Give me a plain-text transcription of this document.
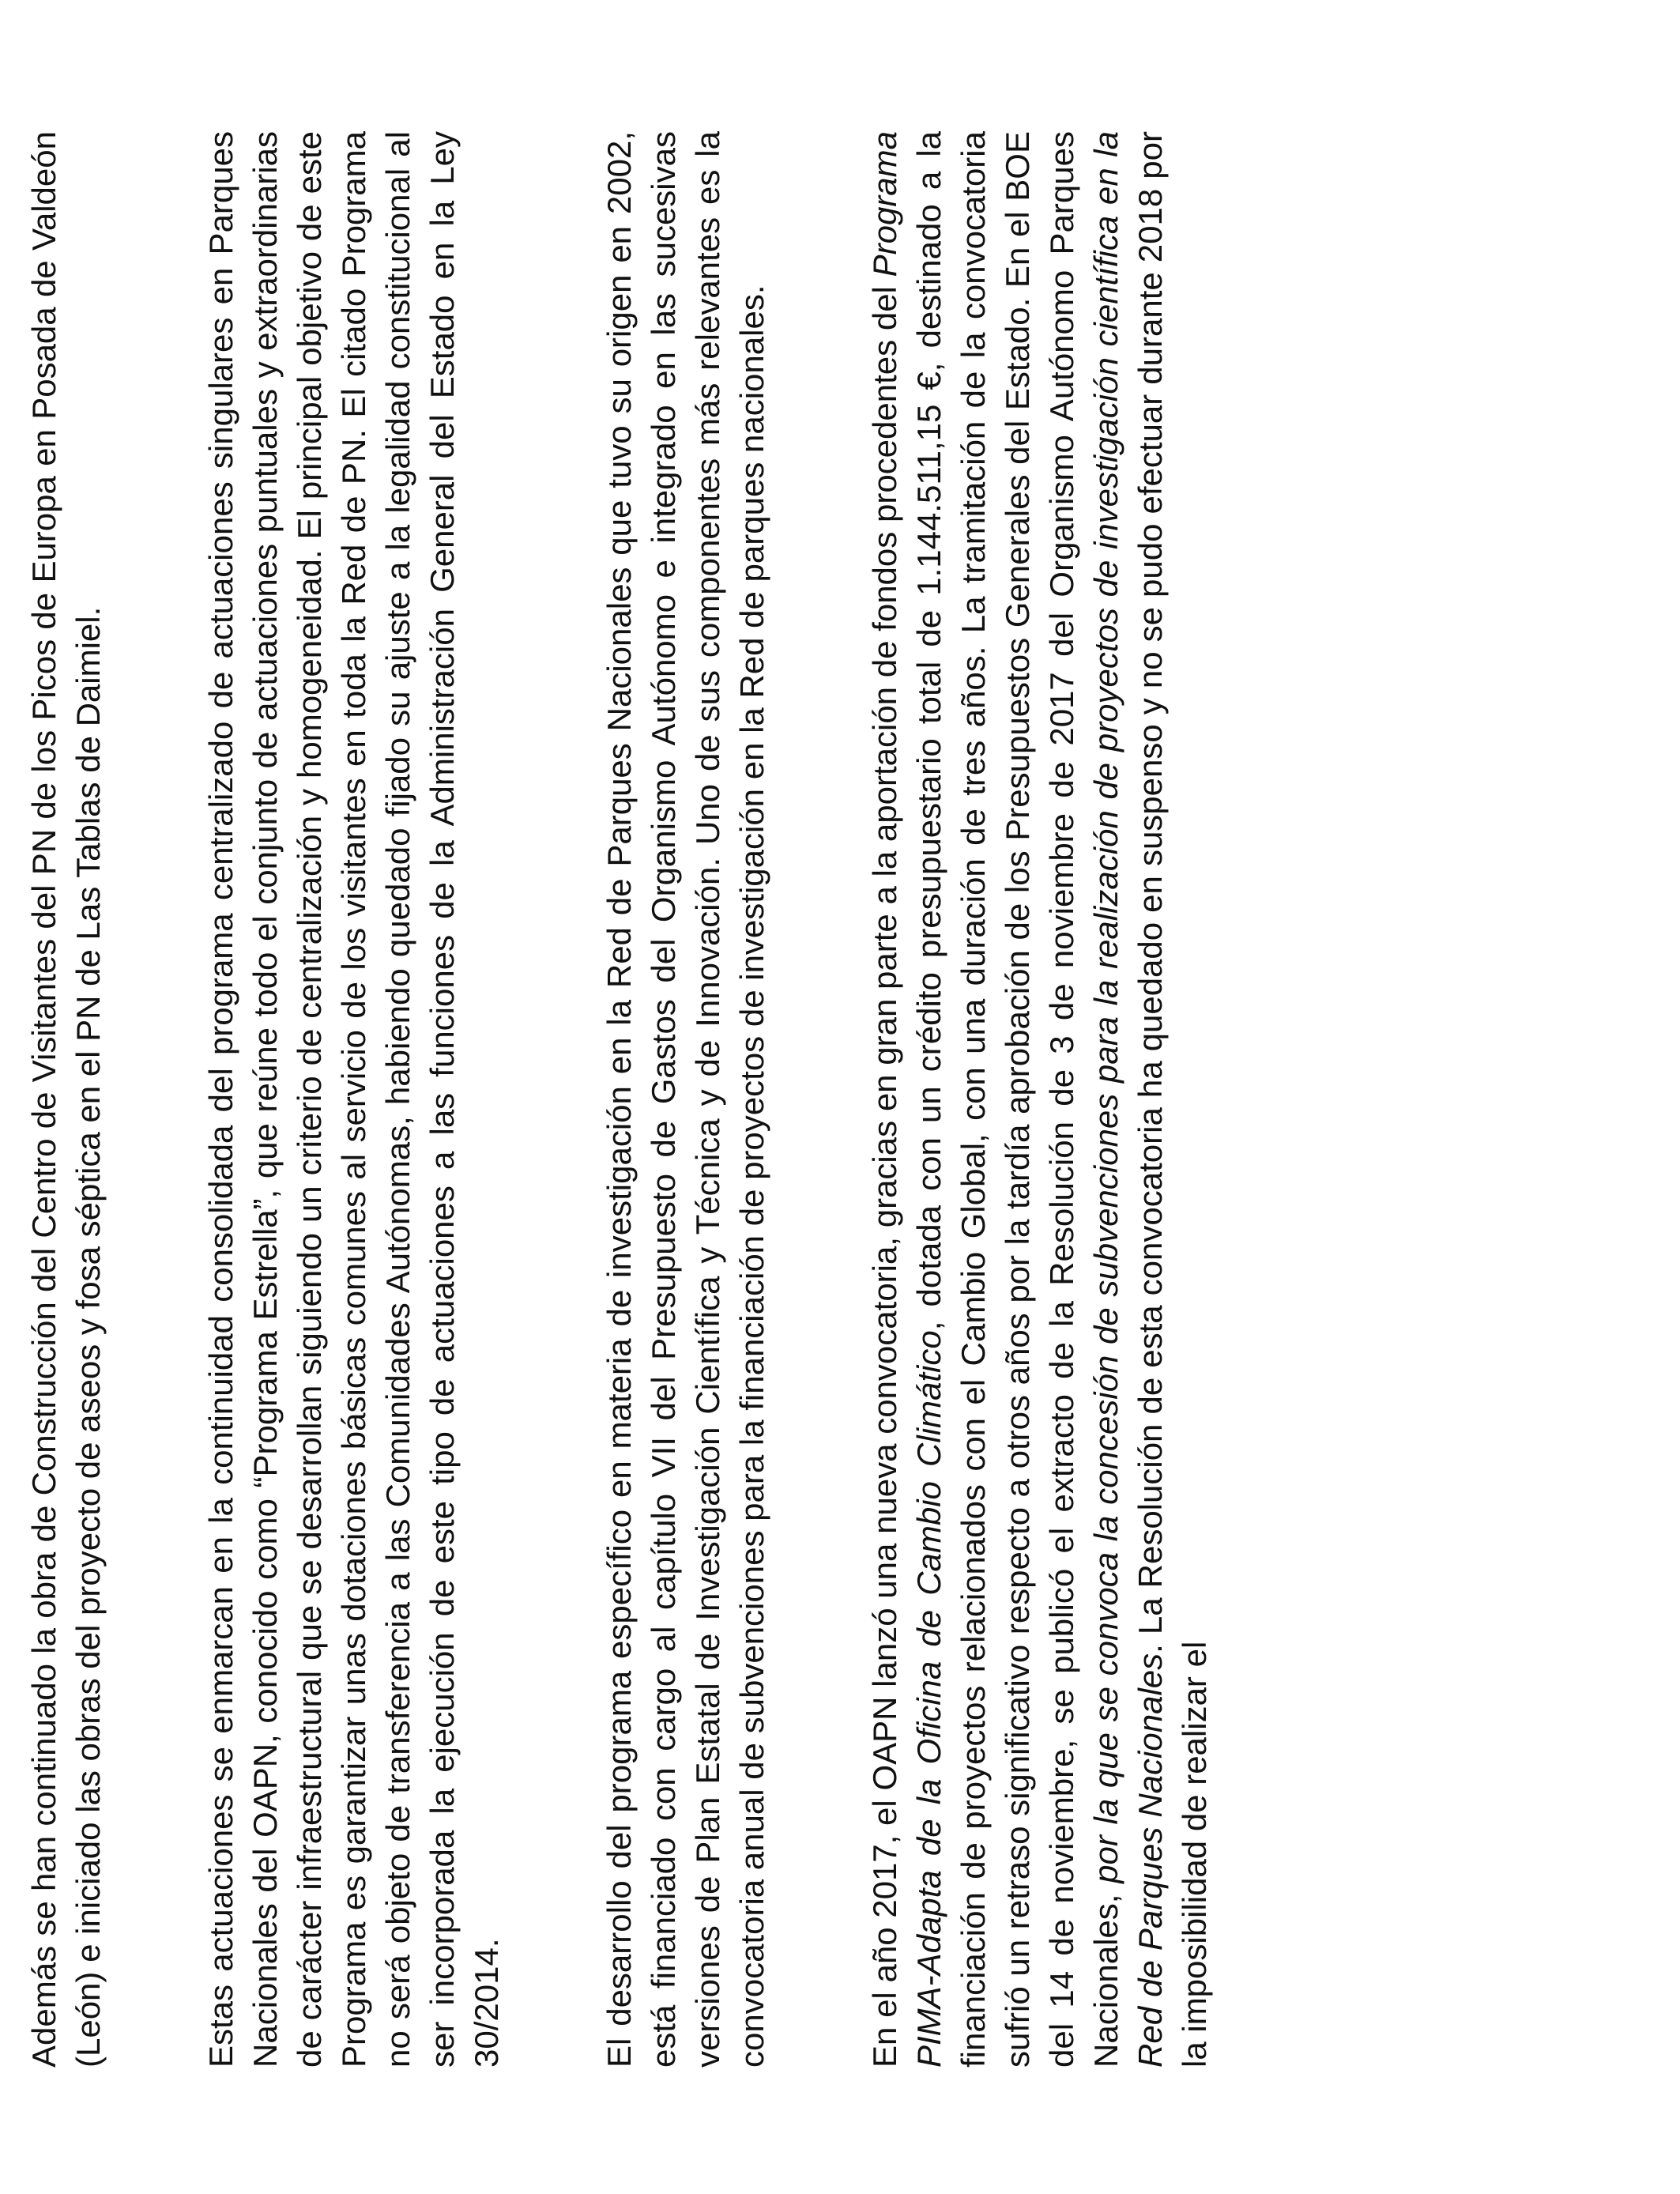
Además se han continuado la obra de Construcción del Centro de Visitantes del PN de los Picos de Europa en Posada de Valdeón (León) e iniciado las obras del proyecto de aseos y fosa séptica en el PN de Las Tablas de Daimiel.	Estas actuaciones se enmarcan en la continuidad consolidada del programa centralizado de actuaciones singulares en Parques Nacionales del OAPN, conocido como “Programa Estrella”, que reúne todo el conjunto de actuaciones puntuales y extraordinarias de carácter infraestructural que se desarrollan siguiendo un criterio de centralización y homogeneidad. El principal objetivo de este Programa es garantizar unas dotaciones básicas comunes al servicio de los visitantes en toda la Red de PN. El citado Programa no será objeto de transferencia a las Comunidades Autónomas, habiendo quedado fijado su ajuste a la legalidad constitucional al ser incorporada la ejecución de este tipo de actuaciones a las funciones de la Administración General del Estado en la Ley 30/2014.	El desarrollo del programa específico en materia de investigación en la Red de Parques Nacionales que tuvo su origen en 2002, está financiado con cargo al capítulo VII del Presupuesto de Gastos del Organismo Autónomo e integrado en las sucesivas versiones de Plan Estatal de Investigación Científica y Técnica y de Innovación. Uno de sus componentes más relevantes es la convocatoria anual de subvenciones para la financiación de proyectos de investigación en la Red de parques nacionales.	En el año 2017, el OAPN lanzó una nueva convocatoria, gracias en gran parte a la aportación de fondos procedentes del Programa PIMA-Adapta de la Oficina de Cambio Climático, dotada con un crédito presupuestario total de 1.144.511,15 €, destinado a la financiación de proyectos relacionados con el Cambio Global, con una duración de tres años. La tramitación de la convocatoria sufrió un retraso significativo respecto a otros años por la tardía aprobación de los Presupuestos Generales del Estado. En el BOE del 14 de noviembre, se publicó el extracto de la Resolución de 3 de noviembre de 2017 del Organismo Autónomo Parques Nacionales, por la que se convoca la concesión de subvenciones para la realización de proyectos de investigación científica en la Red de Parques Nacionales. La Resolución de esta convocatoria ha quedado en suspenso y no se pudo efectuar durante 2018 por la imposibilidad de realizar el
